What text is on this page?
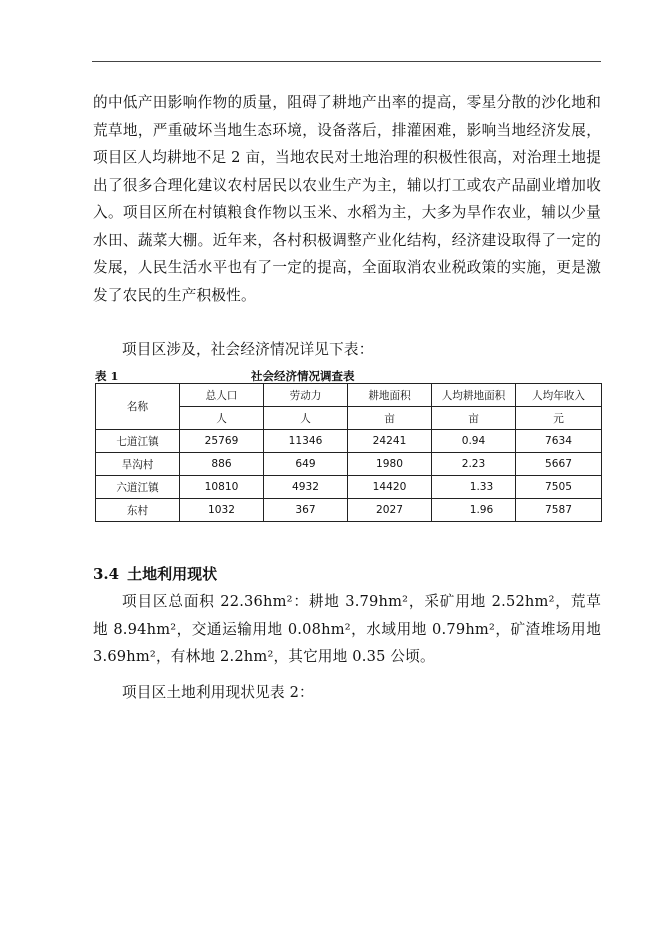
的中低产田影响作物的质量，阻碍了耕地产出率的提高，零星分散的沙化地和荒草地，严重破坏当地生态环境，设备落后，排灌困难，影响当地经济发展，项目区人均耕地不足 2 亩，当地农民对土地治理的积极性很高，对治理土地提出了很多合理化建议农村居民以农业生产为主，辅以打工或农产品副业增加收入。项目区所在村镇粮食作物以玉米、水稻为主，大多为旱作农业，辅以少量水田、蔬菜大棚。近年来，各村积极调整产业化结构，经济建设取得了一定的发展，人民生活水平也有了一定的提高，全面取消农业税政策的实施，更是激发了农民的生产积极性。

项目区涉及，社会经济情况详见下表：

表 1	社会经济情况调查表
名称	总人口	劳动力	耕地面积	人均耕地面积	人均年收入
	人	人	亩	亩	元
七道江镇	25769	11346	24241	0.94	7634
旱沟村	886	649	1980	2.23	5667
六道江镇	10810	4932	14420	1.33	7505
东村	1032	367	2027	1.96	7587
3.4 土地利用现状

项目区总面积 22.36hm²：耕地 3.79hm²，采矿用地 2.52hm²，荒草地 8.94hm²，交通运输用地 0.08hm²，水域用地 0.79hm²，矿渣堆场用地 3.69hm²，有林地 2.2hm²，其它用地 0.35 公顷。

项目区土地利用现状见表 2：
